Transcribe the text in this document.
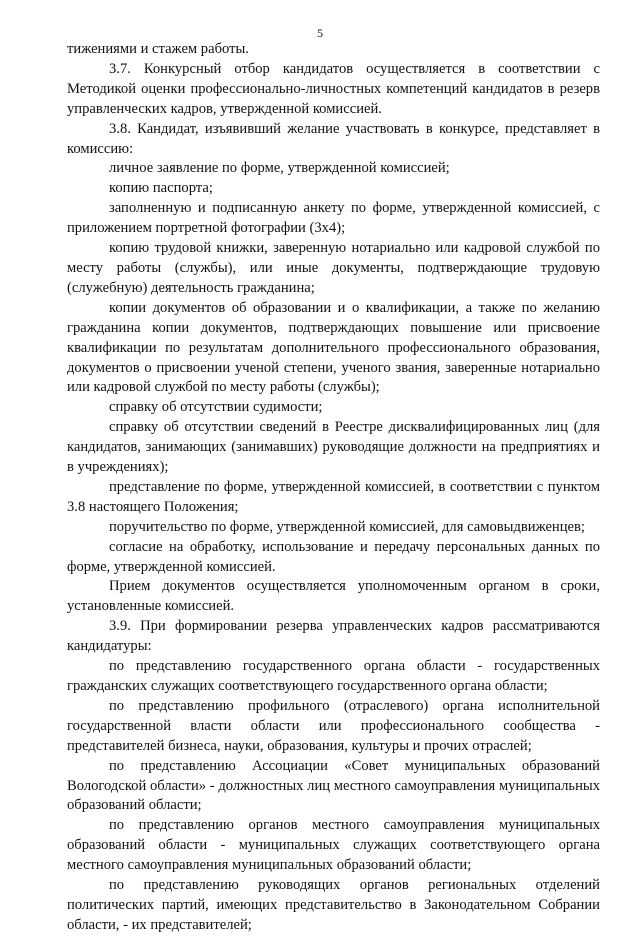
5

тижениями и стажем работы.

3.7. Конкурсный отбор кандидатов осуществляется в соответствии с Методикой оценки профессионально-личностных компетенций кандидатов в резерв управленческих кадров, утвержденной комиссией.

3.8. Кандидат, изъявивший желание участвовать в конкурсе, представляет в комиссию:

личное заявление по форме, утвержденной комиссией;

копию паспорта;

заполненную и подписанную анкету по форме, утвержденной комиссией, с приложением портретной фотографии (3х4);

копию трудовой книжки, заверенную нотариально или кадровой службой по месту работы (службы), или иные документы, подтверждающие трудовую (служебную) деятельность гражданина;

копии документов об образовании и о квалификации, а также по желанию гражданина копии документов, подтверждающих повышение или присвоение квалификации по результатам дополнительного профессионального образования, документов о присвоении ученой степени, ученого звания, заверенные нотариально или кадровой службой по месту работы (службы);

справку об отсутствии судимости;

справку об отсутствии сведений в Реестре дисквалифицированных лиц (для кандидатов, занимающих (занимавших) руководящие должности на предприятиях и в учреждениях);

представление по форме, утвержденной комиссией, в соответствии с пунктом 3.8 настоящего Положения;

поручительство по форме, утвержденной комиссией, для самовыдвиженцев;

согласие на обработку, использование и передачу персональных данных по форме, утвержденной комиссией.

Прием документов осуществляется уполномоченным органом в сроки, установленные комиссией.

3.9. При формировании резерва управленческих кадров рассматриваются кандидатуры:

по представлению государственного органа области - государственных гражданских служащих соответствующего государственного органа области;

по представлению профильного (отраслевого) органа исполнительной государственной власти области или профессионального сообщества - представителей бизнеса, науки, образования, культуры и прочих отраслей;

по представлению Ассоциации «Совет муниципальных образований Вологодской области» - должностных лиц местного самоуправления муниципальных образований области;

по представлению органов местного самоуправления муниципальных образований области - муниципальных служащих соответствующего органа местного самоуправления муниципальных образований области;

по представлению руководящих органов региональных отделений политических партий, имеющих представительство в Законодательном Собрании области, - их представителей;
